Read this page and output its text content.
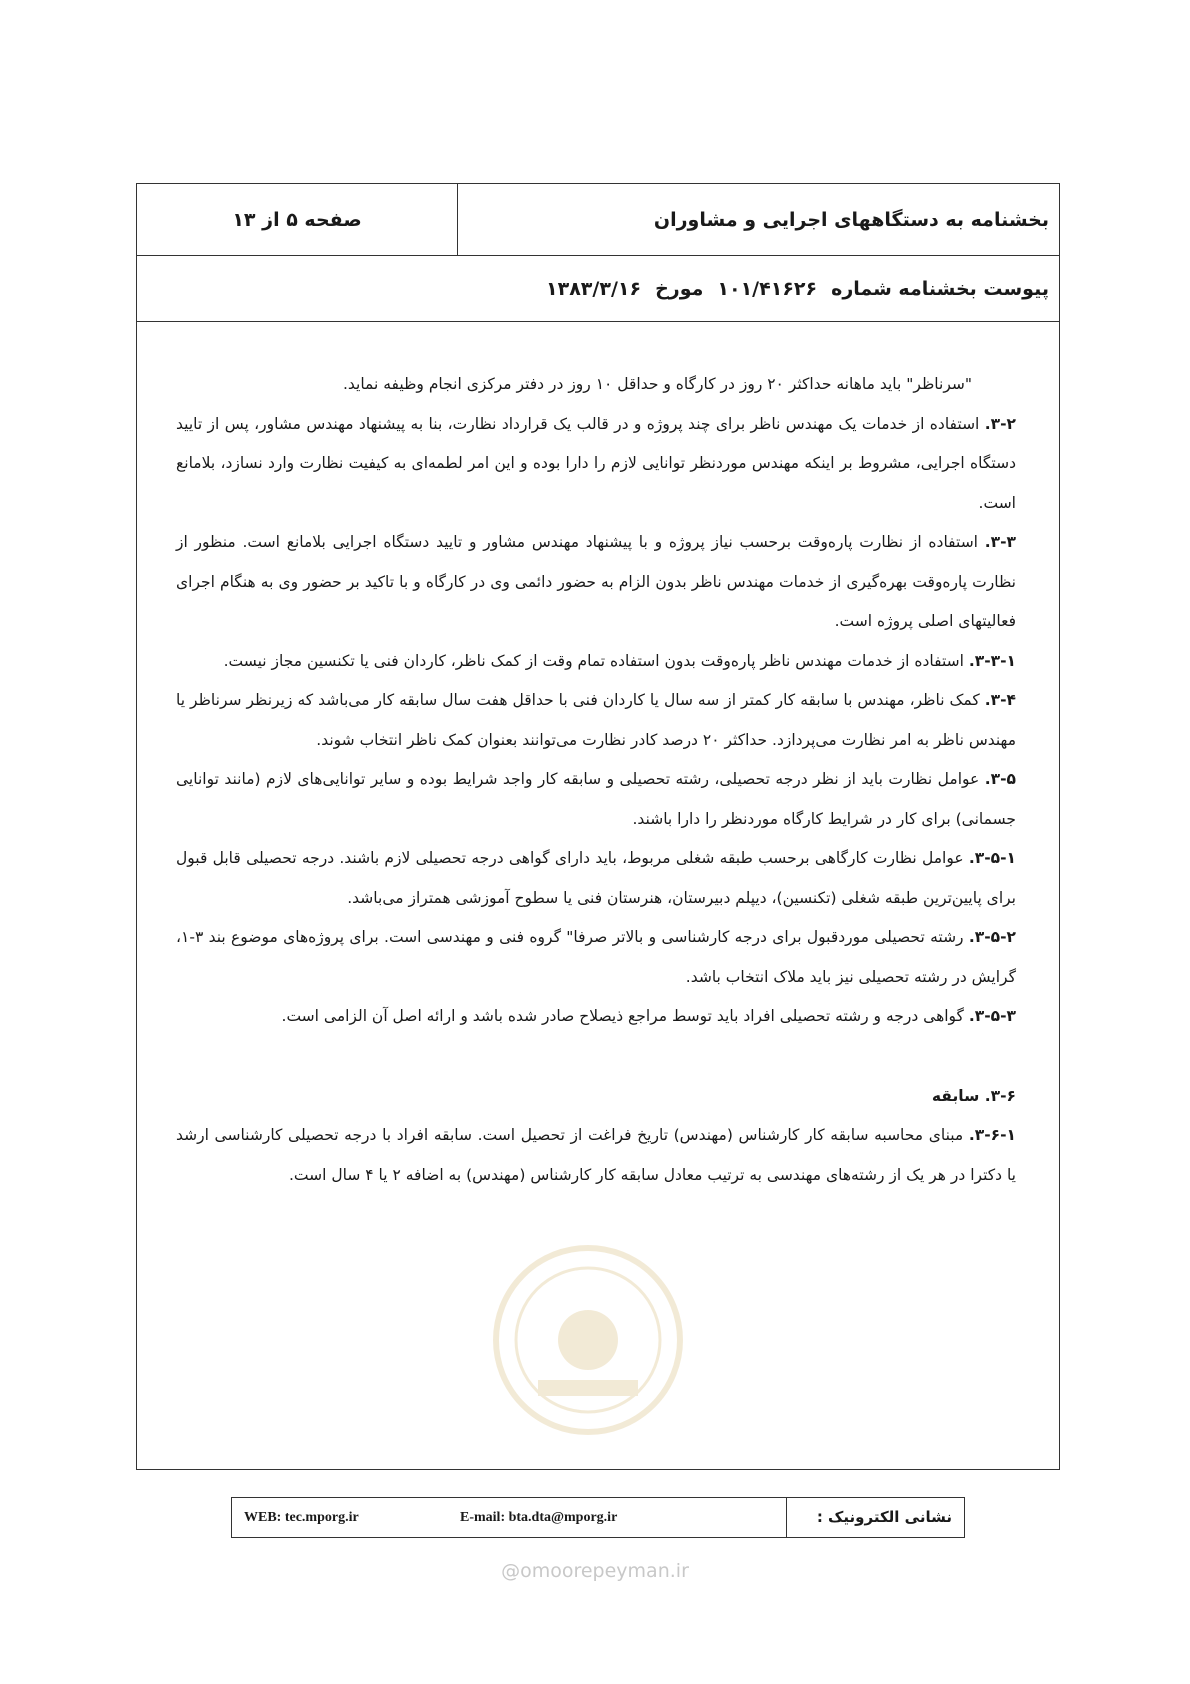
بخشنامه به دستگاههای اجرایی و مشاوران
صفحه ۵ از ۱۳
پیوست بخشنامه شماره۱۰۱/۴۱۶۲۶مورخ۱۳۸۳/۳/۱۶

"سرناظر" باید ماهانه حداکثر ۲۰ روز در کارگاه و حداقل ۱۰ روز در دفتر مرکزی انجام وظیفه نماید.

۳-۲. استفاده از خدمات یک مهندس ناظر برای چند پروژه و در قالب یک قرارداد نظارت، بنا به پیشنهاد مهندس مشاور، پس از تایید دستگاه اجرایی، مشروط بر اینکه مهندس موردنظر توانایی لازم را دارا بوده و این امر لطمه‌ای به کیفیت نظارت وارد نسازد، بلامانع است.

۳-۳. استفاده از نظارت پاره‌وقت برحسب نیاز پروژه و با پیشنهاد مهندس مشاور و تایید دستگاه اجرایی بلامانع است. منظور از نظارت پاره‌وقت بهره‌گیری از خدمات مهندس ناظر بدون الزام به حضور دائمی وی در کارگاه و با تاکید بر حضور وی به هنگام اجرای فعالیتهای اصلی پروژه است.

۳-۳-۱. استفاده از خدمات مهندس ناظر پاره‌وقت بدون استفاده تمام وقت از کمک ناظر، کاردان فنی یا تکنسین مجاز نیست.

۳-۴. کمک ناظر، مهندس با سابقه کار کمتر از سه سال یا کاردان فنی با حداقل هفت سال سابقه کار می‌باشد که زیرنظر سرناظر یا مهندس ناظر به امر نظارت می‌پردازد. حداکثر ۲۰ درصد کادر نظارت می‌توانند بعنوان کمک ناظر انتخاب شوند.

۳-۵. عوامل نظارت باید از نظر درجه تحصیلی، رشته تحصیلی و سابقه کار واجد شرایط بوده و سایر توانایی‌های لازم (مانند توانایی جسمانی) برای کار در شرایط کارگاه موردنظر را دارا باشند.

۳-۵-۱. عوامل نظارت کارگاهی برحسب طبقه شغلی مربوط، باید دارای گواهی درجه تحصیلی لازم باشند. درجه تحصیلی قابل قبول برای پایین‌ترین طبقه شغلی (تکنسین)، دیپلم دبیرستان، هنرستان فنی یا سطوح آموزشی همتراز می‌باشد.

۳-۵-۲. رشته تحصیلی موردقبول برای درجه کارشناسی و بالاتر صرفا" گروه فنی و مهندسی است. برای پروژه‌های موضوع بند ۳-۱، گرایش در رشته تحصیلی نیز باید ملاک انتخاب باشد.

۳-۵-۳. گواهی درجه و رشته تحصیلی افراد باید توسط مراجع ذیصلاح صادر شده باشد و ارائه اصل آن الزامی است.

۳-۶. سابقه

۳-۶-۱. مبنای محاسبه سابقه کار کارشناس (مهندس) تاریخ فراغت از تحصیل است. سابقه افراد با درجه تحصیلی کارشناسی ارشد یا دکترا در هر یک از رشته‌های مهندسی به ترتیب معادل سابقه کار کارشناس (مهندس) به اضافه ۲ یا ۴ سال است.

نشانی الکترونیک :
WEB: tec.mporg.ir	E-mail: bta.dta@mporg.ir
@omoorepeyman.ir
